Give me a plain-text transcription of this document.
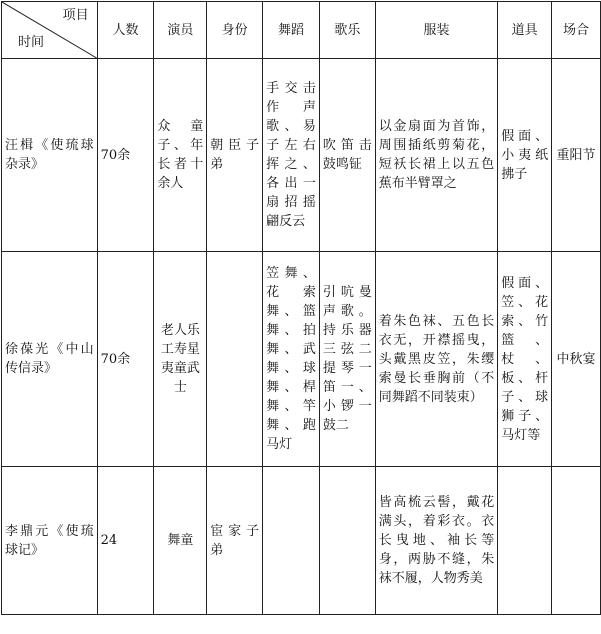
项目
时间	人数	演员	身份	舞蹈	歌乐	服装	道具	场合
汪楫《使琉球杂录》	70余	众童子、年长者十余人	朝臣子弟	手交击作声歌、易子左右挥之、各出一扇招摇翩反云	吹笛击鼓鸣钲	以金扇面为首饰，周围插纸剪菊花，短袄长裙上以五色蕉布半臂罩之	假面、小夷纸拂子	重阳节
徐葆光《中山传信录》	70余	老人乐工寿星夷童武士		笠舞、花索舞、篮舞、拍舞、武舞、球舞、桿舞、竿舞、跑马灯	引吭曼声歌。持乐器三弦二提琴一笛一、小锣一鼓二	着朱色袜、五色长衣无，开襟摇曳，头戴黑皮笠，朱缨索曼长垂胸前（不同舞蹈不同装束）	假面、笠、花索、竹篮、杖、板、杆子、球狮子、马灯等	中秋宴
李鼎元《使琉球记》	24	舞童	宦家子弟			皆高梳云髻，戴花满头，着彩衣。衣长曳地、袖长等身，两胁不缝，朱袜不履，人物秀美		
